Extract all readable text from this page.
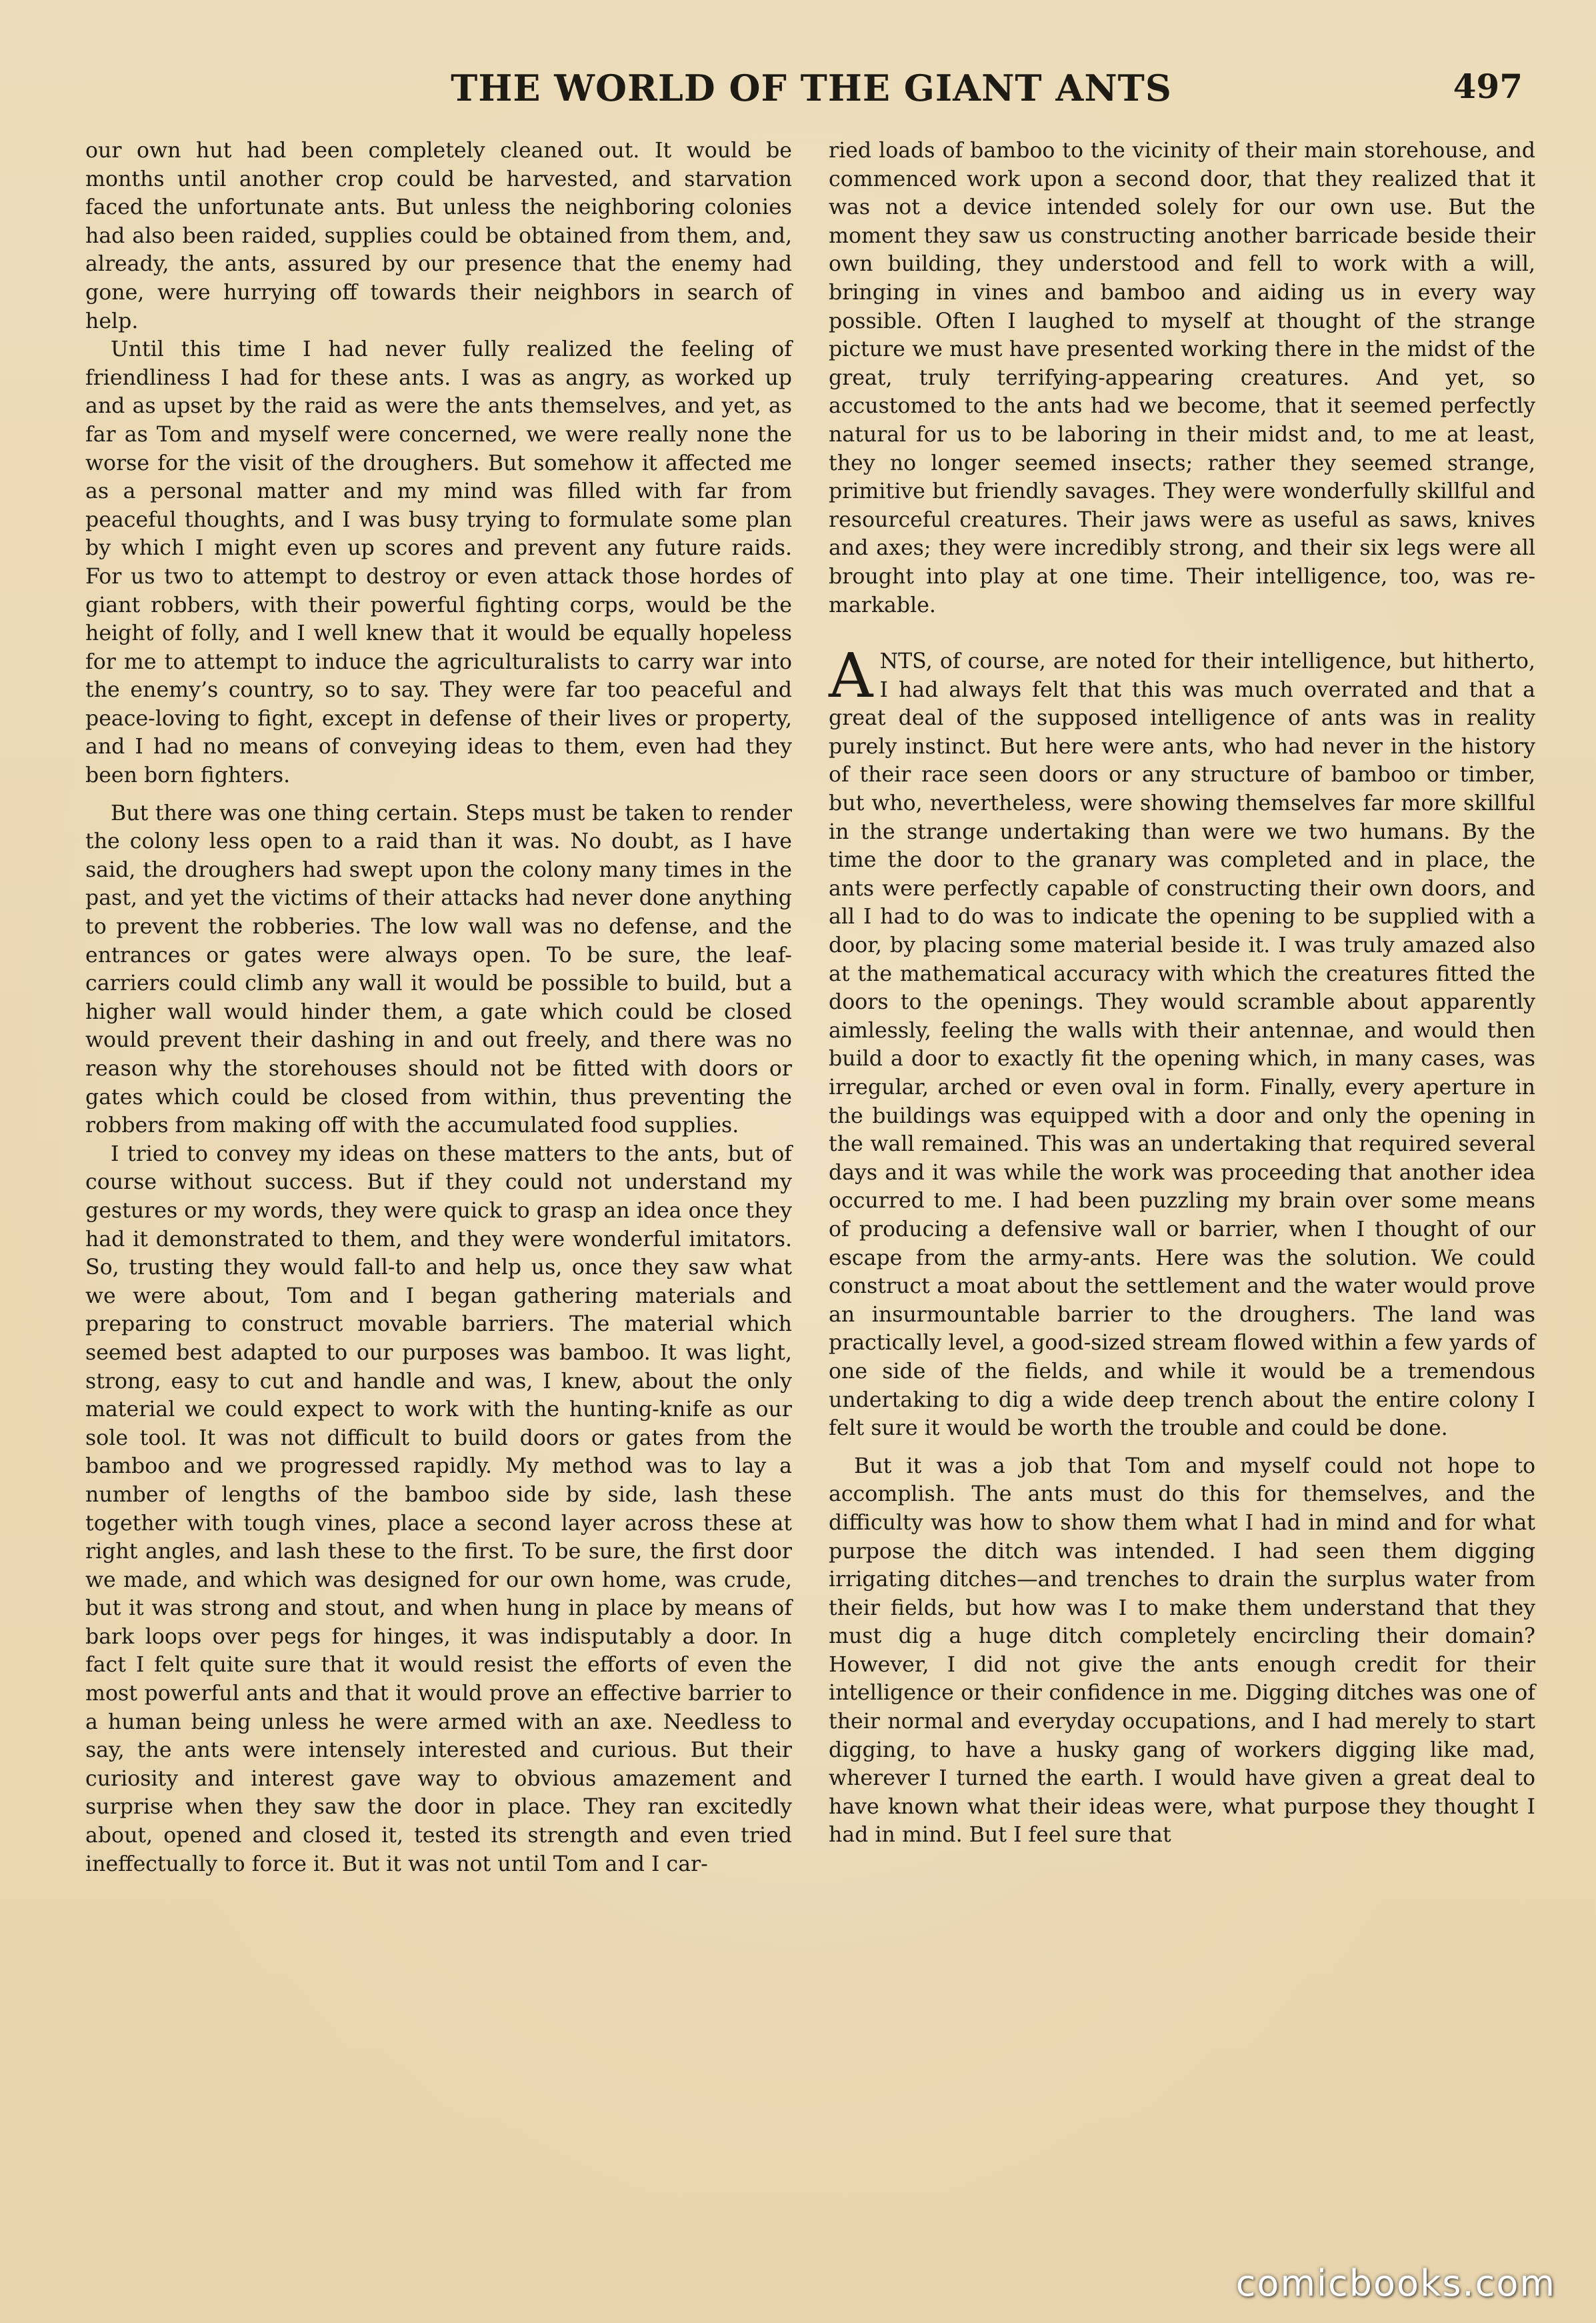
THE WORLD OF THE GIANT ANTS	497

our own hut had been completely cleaned out. It would be months until another crop could be harvested, and starvation faced the unfortunate ants. But unless the neighboring colonies had also been raided, supplies could be obtained from them, and, already, the ants, assured by our presence that the enemy had gone, were hurrying off towards their neighbors in search of help.

Until this time I had never fully realized the feeling of friendliness I had for these ants. I was as angry, as worked up and as upset by the raid as were the ants themselves, and yet, as far as Tom and myself were concerned, we were really none the worse for the visit of the droughers. But somehow it affected me as a personal matter and my mind was filled with far from peaceful thoughts, and I was busy trying to formulate some plan by which I might even up scores and prevent any future raids. For us two to attempt to destroy or even attack those hordes of giant robbers, with their powerful fighting corps, would be the height of folly, and I well knew that it would be equally hopeless for me to attempt to induce the agriculturalists to carry war into the enemy’s country, so to say. They were far too peaceful and peace-loving to fight, except in defense of their lives or property, and I had no means of conveying ideas to them, even had they been born fighters.

But there was one thing certain. Steps must be taken to render the colony less open to a raid than it was. No doubt, as I have said, the droughers had swept upon the colony many times in the past, and yet the victims of their attacks had never done anything to prevent the robberies. The low wall was no defense, and the entrances or gates were always open. To be sure, the leaf-carriers could climb any wall it would be possible to build, but a higher wall would hinder them, a gate which could be closed would prevent their dashing in and out freely, and there was no reason why the storehouses should not be fitted with doors or gates which could be closed from within, thus preventing the robbers from making off with the accumulated food supplies.

I tried to convey my ideas on these matters to the ants, but of course without success. But if they could not understand my gestures or my words, they were quick to grasp an idea once they had it demonstrated to them, and they were wonderful imitators. So, trusting they would fall-to and help us, once they saw what we were about, Tom and I began gathering materials and preparing to construct movable barriers. The material which seemed best adapted to our purposes was bamboo. It was light, strong, easy to cut and handle and was, I knew, about the only material we could expect to work with the hunting-knife as our sole tool. It was not difficult to build doors or gates from the bamboo and we progressed rapidly. My method was to lay a number of lengths of the bamboo side by side, lash these together with tough vines, place a second layer across these at right angles, and lash these to the first. To be sure, the first door we made, and which was designed for our own home, was crude, but it was strong and stout, and when hung in place by means of bark loops over pegs for hinges, it was indisputably a door. In fact I felt quite sure that it would resist the efforts of even the most powerful ants and that it would prove an effective barrier to a human being unless he were armed with an axe. Needless to say, the ants were intensely interested and curious. But their curiosity and interest gave way to obvious amazement and surprise when they saw the door in place. They ran excitedly about, opened and closed it, tested its strength and even tried ineffectually to force it. But it was not until Tom and I car-

ried loads of bamboo to the vicinity of their main storehouse, and commenced work upon a second door, that they realized that it was not a device intended solely for our own use. But the moment they saw us constructing another barricade beside their own building, they understood and fell to work with a will, bringing in vines and bamboo and aiding us in every way possible. Often I laughed to myself at thought of the strange picture we must have presented working there in the midst of the great, truly terrifying-appearing creatures. And yet, so accustomed to the ants had we become, that it seemed perfectly natural for us to be laboring in their midst and, to me at least, they no longer seemed insects; rather they seemed strange, primitive but friendly savages. They were wonderfully skillful and resourceful creatures. Their jaws were as useful as saws, knives and axes; they were incredibly strong, and their six legs were all brought into play at one time. Their intelligence, too, was remarkable.

ANTS, of course, are noted for their intelligence, but hitherto, I had always felt that this was much overrated and that a great deal of the supposed intelligence of ants was in reality purely instinct. But here were ants, who had never in the history of their race seen doors or any structure of bamboo or timber, but who, nevertheless, were showing themselves far more skillful in the strange undertaking than were we two humans. By the time the door to the granary was completed and in place, the ants were perfectly capable of constructing their own doors, and all I had to do was to indicate the opening to be supplied with a door, by placing some material beside it. I was truly amazed also at the mathematical accuracy with which the creatures fitted the doors to the openings. They would scramble about apparently aimlessly, feeling the walls with their antennae, and would then build a door to exactly fit the opening which, in many cases, was irregular, arched or even oval in form. Finally, every aperture in the buildings was equipped with a door and only the opening in the wall remained. This was an undertaking that required several days and it was while the work was proceeding that another idea occurred to me. I had been puzzling my brain over some means of producing a defensive wall or barrier, when I thought of our escape from the army-ants. Here was the solution. We could construct a moat about the settlement and the water would prove an insurmountable barrier to the droughers. The land was practically level, a good-sized stream flowed within a few yards of one side of the fields, and while it would be a tremendous undertaking to dig a wide deep trench about the entire colony I felt sure it would be worth the trouble and could be done.

But it was a job that Tom and myself could not hope to accomplish. The ants must do this for themselves, and the difficulty was how to show them what I had in mind and for what purpose the ditch was intended. I had seen them digging irrigating ditches—and trenches to drain the surplus water from their fields, but how was I to make them understand that they must dig a huge ditch completely encircling their domain? However, I did not give the ants enough credit for their intelligence or their confidence in me. Digging ditches was one of their normal and everyday occupations, and I had merely to start digging, to have a husky gang of workers digging like mad, wherever I turned the earth. I would have given a great deal to have known what their ideas were, what purpose they thought I had in mind. But I feel sure that

comicbooks.com
